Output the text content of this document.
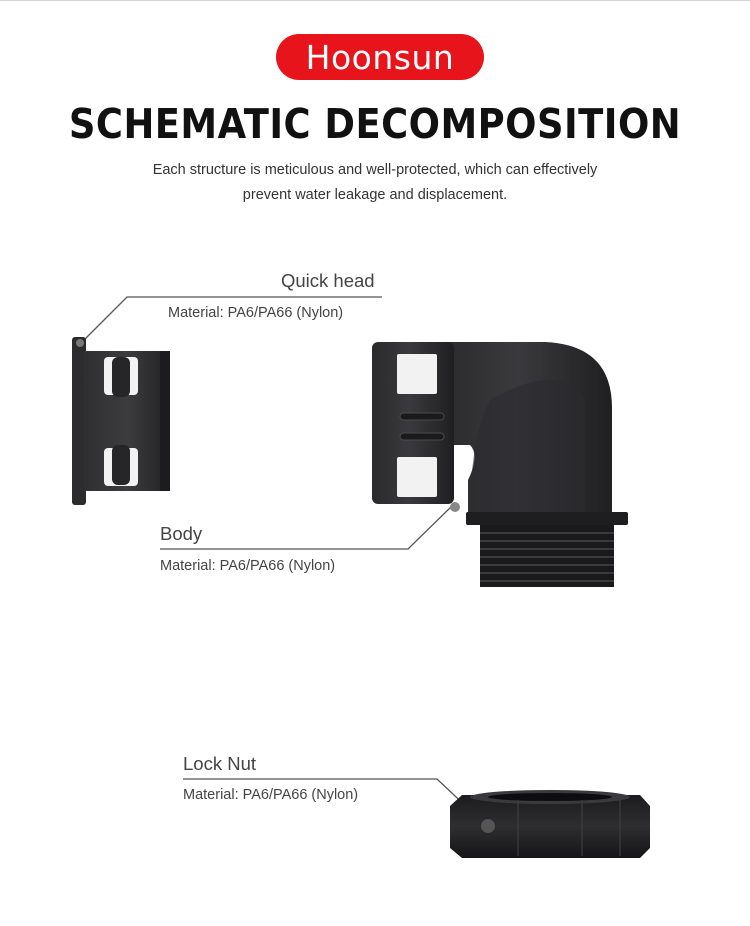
Hoonsun
SCHEMATIC DECOMPOSITION
Each structure is meticulous and well-protected, which can effectively
prevent water leakage and displacement.
Quick head
Material: PA6/PA66 (Nylon)
Body
Material: PA6/PA66 (Nylon)
Lock Nut
Material: PA6/PA66 (Nylon)
